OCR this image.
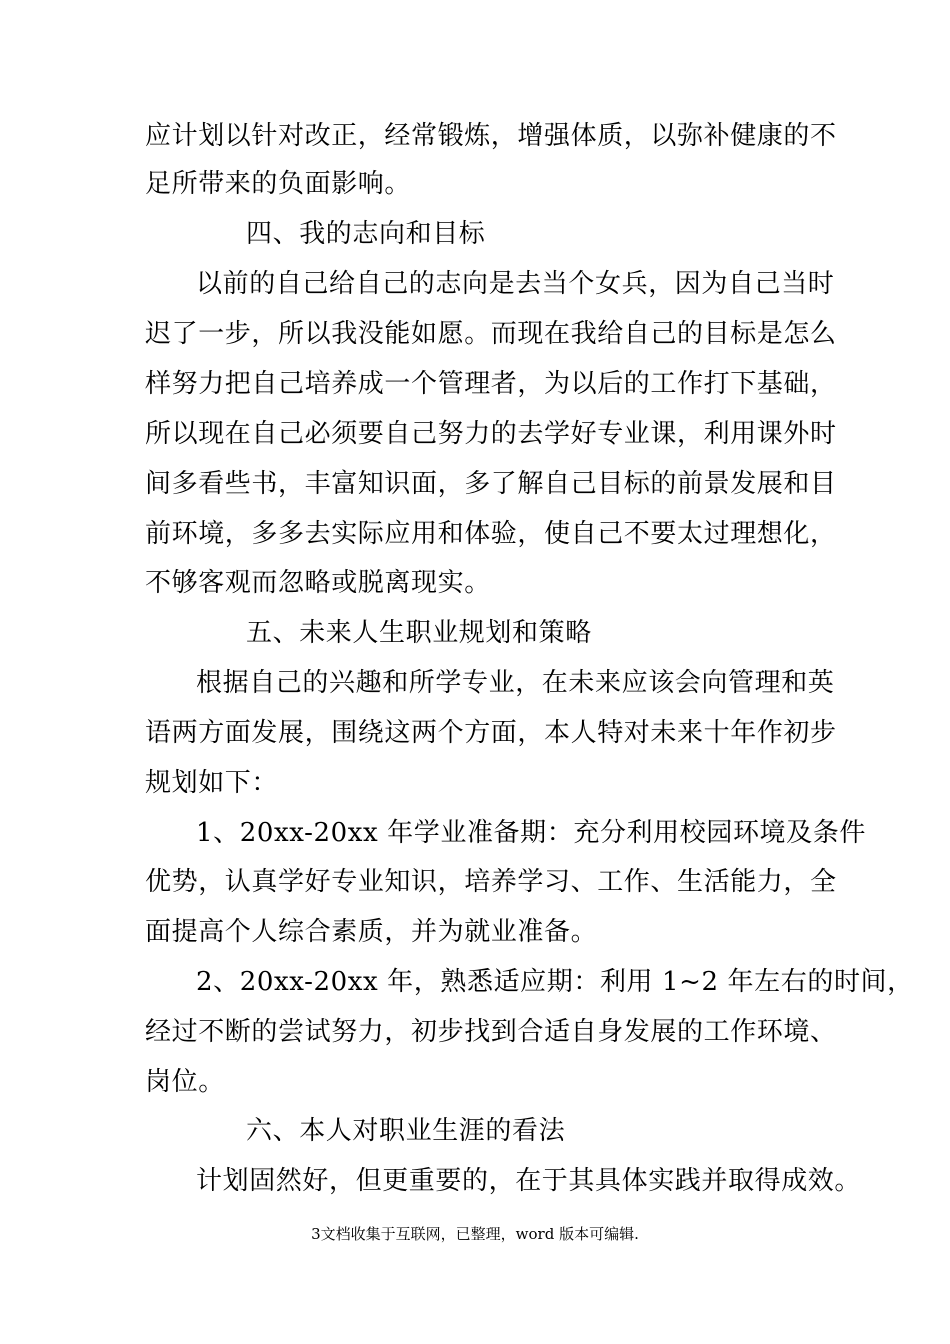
应计划以针对改正，经常锻炼，增强体质，以弥补健康的不
足所带来的负面影响。
四、我的志向和目标
以前的自己给自己的志向是去当个女兵，因为自己当时
迟了一步，所以我没能如愿。而现在我给自己的目标是怎么
样努力把自己培养成一个管理者，为以后的工作打下基础，
所以现在自己必须要自己努力的去学好专业课，利用课外时
间多看些书，丰富知识面，多了解自己目标的前景发展和目
前环境，多多去实际应用和体验，使自己不要太过理想化，
不够客观而忽略或脱离现实。
五、未来人生职业规划和策略
根据自己的兴趣和所学专业，在未来应该会向管理和英
语两方面发展，围绕这两个方面，本人特对未来十年作初步
规划如下：
1、20xx-20xx 年学业准备期：充分利用校园环境及条件
优势，认真学好专业知识，培养学习、工作、生活能力，全
面提高个人综合素质，并为就业准备。
2、20xx-20xx 年，熟悉适应期：利用 1~2 年左右的时间，
经过不断的尝试努力，初步找到合适自身发展的工作环境、
岗位。
六、本人对职业生涯的看法
计划固然好，但更重要的，在于其具体实践并取得成效。
3文档收集于互联网，已整理，word 版本可编辑.
